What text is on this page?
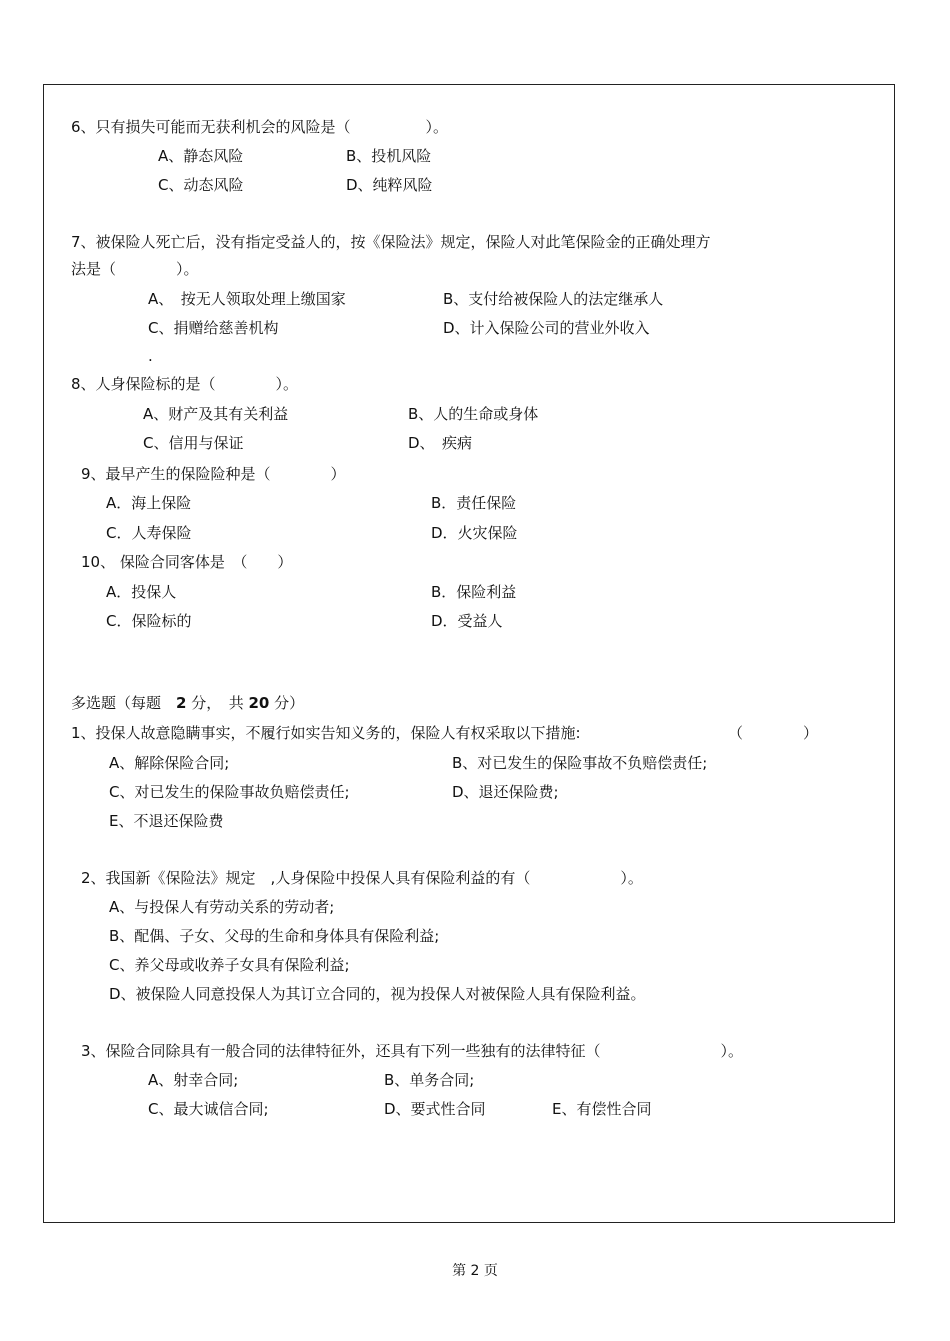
6、只有损失可能而无获利机会的风险是（　　　　　）。
A、静态风险	B、投机风险
C、动态风险	D、纯粹风险
7、被保险人死亡后，没有指定受益人的，按《保险法》规定，保险人对此笔保险金的正确处理方
法是（　　　　）。
A、　按无人领取处理上缴国家	B、支付给被保险人的法定继承人
C、捐赠给慈善机构	D、计入保险公司的营业外收入
.
8、人身保险标的是（　　　　）。
A、财产及其有关利益	B、人的生命或身体
C、信用与保证	D、　疾病
9、最早产生的保险险种是（　　　　）
A．海上保险	B．责任保险
C．人寿保险	D．火灾保险
10、 保险合同客体是　（　　）
A．投保人	B．保险利益
C．保险标的	D．受益人
多选题（每题　2 分，　共 20 分）
1、投保人故意隐瞒事实，不履行如实告知义务的，保险人有权采取以下措施:	（　　　　）
A、解除保险合同;	B、对已发生的保险事故不负赔偿责任;
C、对已发生的保险事故负赔偿责任;	D、退还保险费;
E、不退还保险费
2、我国新《保险法》规定　,人身保险中投保人具有保险利益的有（　　　　　　）。
A、与投保人有劳动关系的劳动者;
B、配偶、子女、父母的生命和身体具有保险利益;
C、养父母或收养子女具有保险利益;
D、被保险人同意投保人为其订立合同的，视为投保人对被保险人具有保险利益。
3、保险合同除具有一般合同的法律特征外，还具有下列一些独有的法律特征（　　　　　　　　）。
A、射幸合同;	B、单务合同;
C、最大诚信合同;	D、要式性合同	E、有偿性合同
第 2 页
